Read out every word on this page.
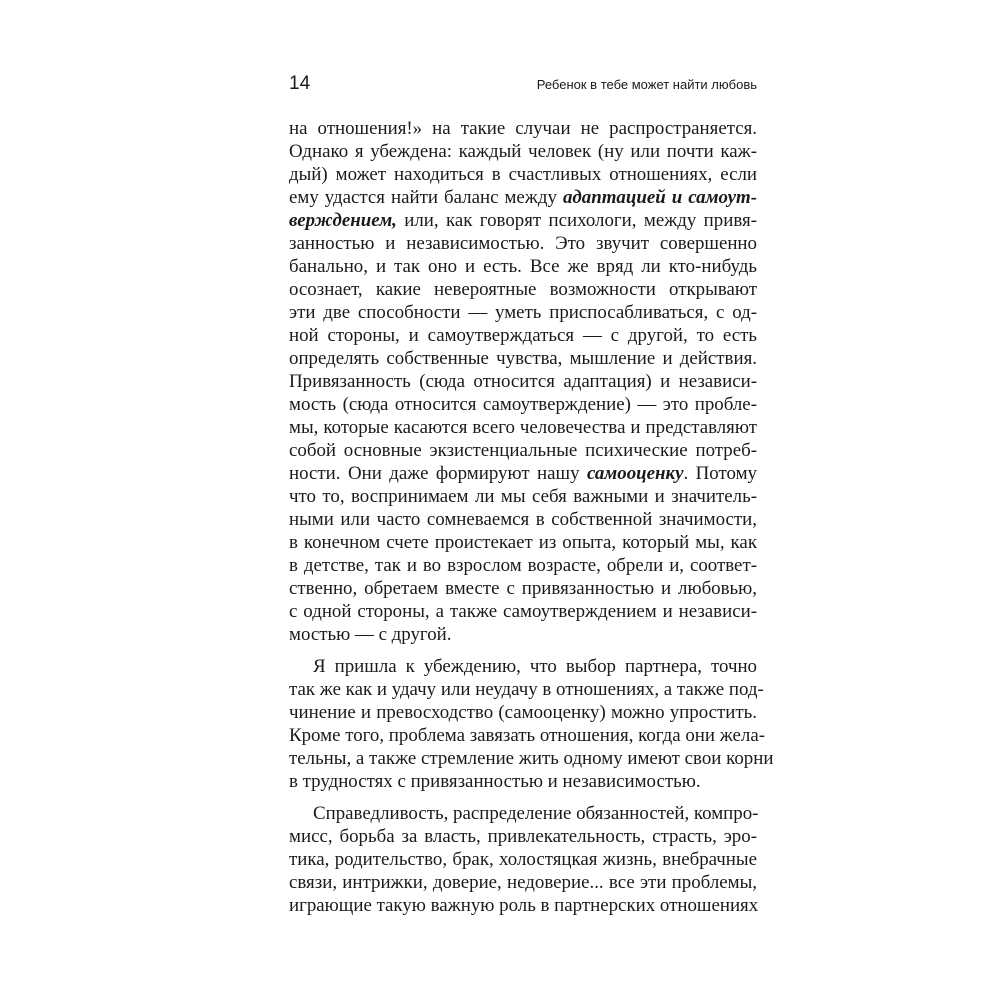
14	Ребенок в тебе может найти любовь
на отношения!» на такие случаи не распространяется.
Однако я убеждена: каждый человек (ну или почти каж-
дый) может находиться в счастливых отношениях, если
ему удастся найти баланс между адаптацией и самоут-
верждением, или, как говорят психологи, между привя-
занностью и независимостью. Это звучит совершенно
банально, и так оно и есть. Все же вряд ли кто-нибудь
осознает, какие невероятные возможности открывают
эти две способности — уметь приспосабливаться, с од-
ной стороны, и самоутверждаться — с другой, то есть
определять собственные чувства, мышление и действия.
Привязанность (сюда относится адаптация) и независи-
мость (сюда относится самоутверждение) — это пробле-
мы, которые касаются всего человечества и представляют
собой основные экзистенциальные психические потреб-
ности. Они даже формируют нашу самооценку. Потому
что то, воспринимаем ли мы себя важными и значитель-
ными или часто сомневаемся в собственной значимости,
в конечном счете проистекает из опыта, который мы, как
в детстве, так и во взрослом возрасте, обрели и, соответ-
ственно, обретаем вместе с привязанностью и любовью,
с одной стороны, а также самоутверждением и независи-
мостью — с другой.
Я пришла к убеждению, что выбор партнера, точно
так же как и удачу или неудачу в отношениях, а также под-
чинение и превосходство (самооценку) можно упростить.
Кроме того, проблема завязать отношения, когда они жела-
тельны, а также стремление жить одному имеют свои корни
в трудностях с привязанностью и независимостью.
Справедливость, распределение обязанностей, компро-
мисс, борьба за власть, привлекательность, страсть, эро-
тика, родительство, брак, холостяцкая жизнь, внебрачные
связи, интрижки, доверие, недоверие... все эти проблемы,
играющие такую важную роль в партнерских отношениях
